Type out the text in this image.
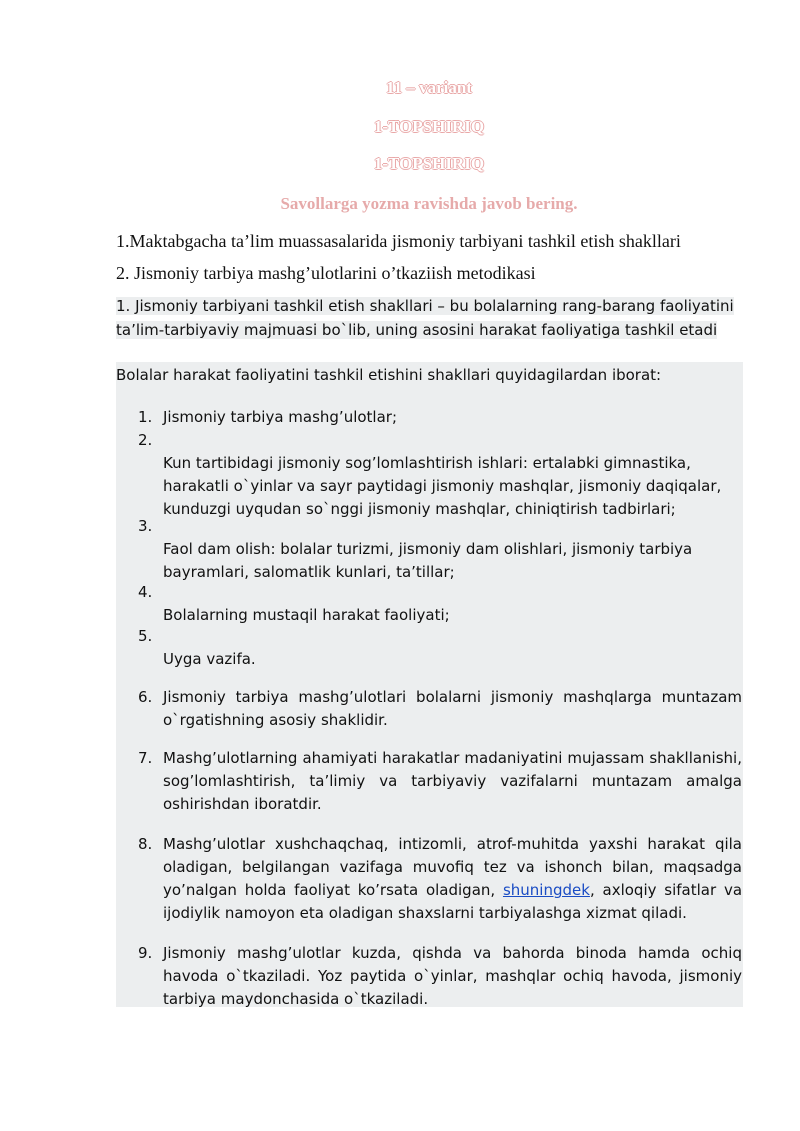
11 – variant
1-TOPSHIRIQ
1-TOPSHIRIQ
Savollarga yozma ravishda javob bering.
1.Maktabgacha ta’lim muassasalarida jismoniy tarbiyani tashkil etish shakllari
2. Jismoniy tarbiya mashg’ulotlarini o’tkaziish metodikasi
1. Jismoniy tarbiyani tashkil etish shakllari – bu bolalarning rang-barang faoliyatini
ta’lim-tarbiyaviy majmuasi bo`lib, uning asosini harakat faoliyatiga tashkil etadi
Bolalar harakat faoliyatini tashkil etishini shakllari quyidagilardan iborat:
1. Jismoniy tarbiya mashg’ulotlar;
2.
Kun tartibidagi jismoniy sog’lomlashtirish ishlari: ertalabki gimnastika,
harakatli o`yinlar va sayr paytidagi jismoniy mashqlar, jismoniy daqiqalar,
kunduzgi uyqudan so`nggi jismoniy mashqlar, chiniqtirish tadbirlari;
3.
Faol dam olish: bolalar turizmi, jismoniy dam olishlari, jismoniy tarbiya
bayramlari, salomatlik kunlari, ta’tillar;
4.
Bolalarning mustaqil harakat faoliyati;
5.
Uyga vazifa.
6. Jismoniy tarbiya mashg’ulotlari bolalarni jismoniy mashqlarga muntazam
o`rgatishning asosiy shaklidir.
7. Mashg’ulotlarning ahamiyati harakatlar madaniyatini mujassam shakllanishi,
sog’lomlashtirish, ta’limiy va tarbiyaviy vazifalarni muntazam amalga
oshirishdan iboratdir.
8. Mashg’ulotlar xushchaqchaq, intizomli, atrof-muhitda yaxshi harakat qila
oladigan, belgilangan vazifaga muvofiq tez va ishonch bilan, maqsadga
yo’nalgan holda faoliyat ko’rsata oladigan, shuningdek, axloqiy sifatlar va
ijodiylik namoyon eta oladigan shaxslarni tarbiyalashga xizmat qiladi.
9. Jismoniy mashg’ulotlar kuzda, qishda va bahorda binoda hamda ochiq
havoda o`tkaziladi. Yoz paytida o`yinlar, mashqlar ochiq havoda, jismoniy
tarbiya maydonchasida o`tkaziladi.
